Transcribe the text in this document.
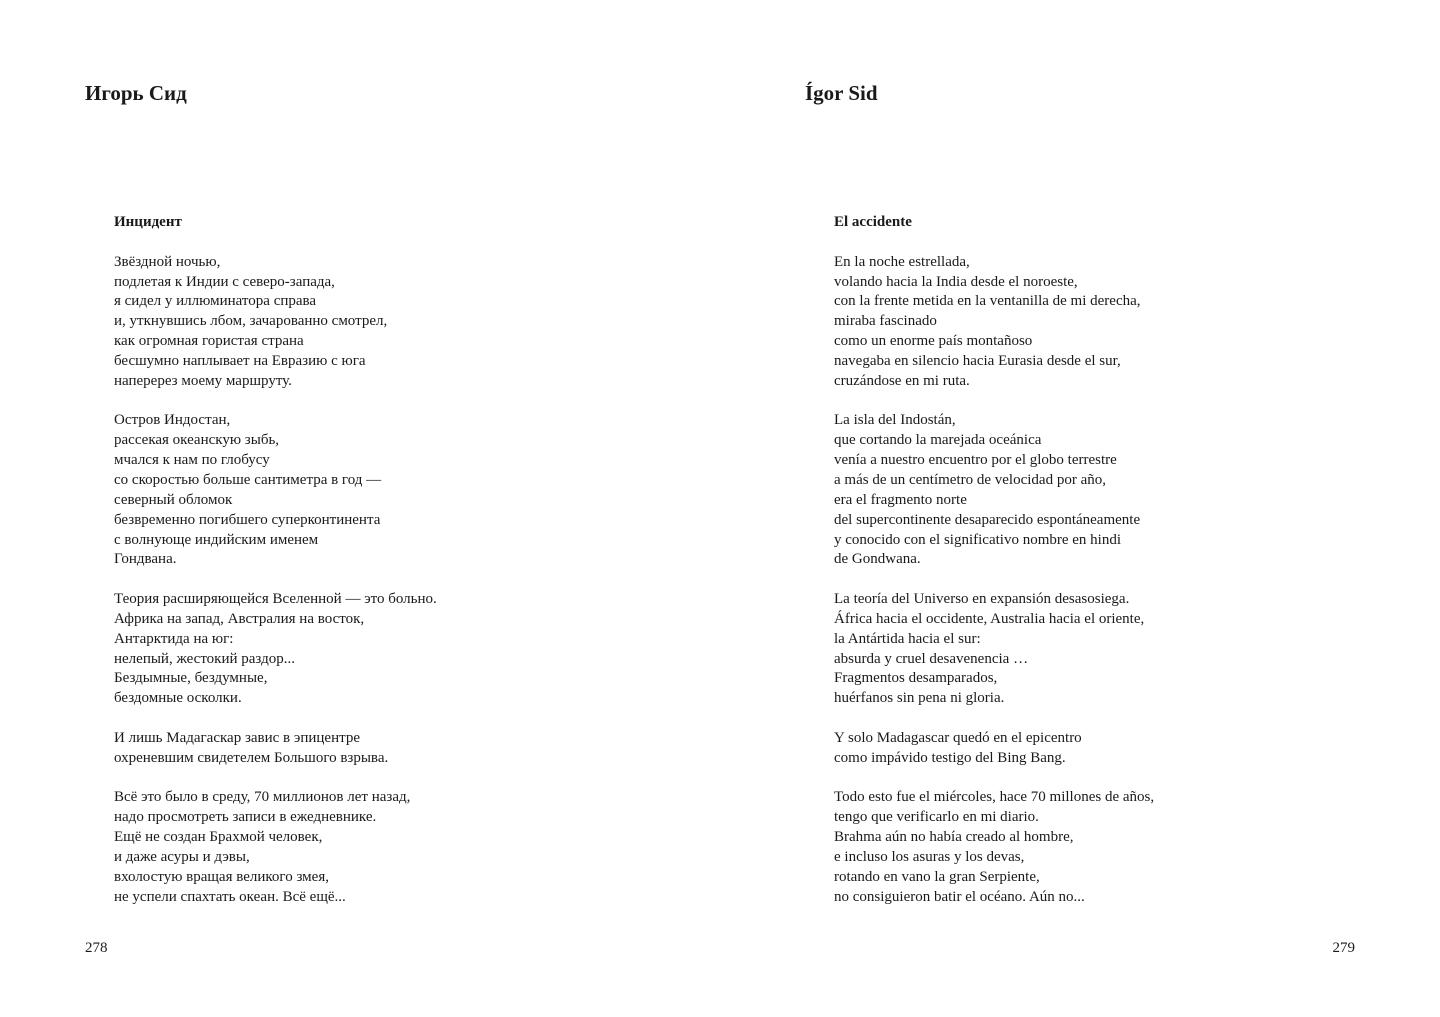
Игорь Сид
Инцидент
Звёздной ночью,
подлетая к Индии с северо-запада,
я сидел у иллюминатора справа
и, уткнувшись лбом, зачарованно смотрел,
как огромная гористая страна
бесшумно наплывает на Евразию с юга
наперерез моему маршруту.
Остров Индостан,
рассекая океанскую зыбь,
мчался к нам по глобусу
со скоростью больше сантиметра в год —
северный обломок
безвременно погибшего суперконтинента
с волнующе индийским именем
Гондвана.
Теория расширяющейся Вселенной — это больно.
Африка на запад, Австралия на восток,
Антарктида на юг:
нелепый, жестокий раздор...
Бездымные, бездумные,
бездомные осколки.
И лишь Мадагаскар завис в эпицентре
охреневшим свидетелем Большого взрыва.
Всё это было в среду, 70 миллионов лет назад,
надо просмотреть записи в ежедневнике.
Ещё не создан Брахмой человек,
и даже асуры и дэвы,
вхолостую вращая великого змея,
не успели спахтать океан. Всё ещё...
278
Ígor Sid
El accidente
En la noche estrellada,
volando hacia la India desde el noroeste,
con la frente metida en la ventanilla de mi derecha,
miraba fascinado
como un enorme país montañoso
navegaba en silencio hacia Eurasia desde el sur,
cruzándose en mi ruta.
La isla del Indostán,
que cortando la marejada oceánica
venía a nuestro encuentro por el globo terrestre
a más de un centímetro de velocidad por año,
era el fragmento norte
del supercontinente desaparecido espontáneamente
y conocido con el significativo nombre en hindi
de Gondwana.
La teoría del Universo en expansión desasosiega.
África hacia el occidente, Australia hacia el oriente,
la Antártida hacia el sur:
absurda y cruel desavenencia …
Fragmentos desamparados,
huérfanos sin pena ni gloria.
Y solo Madagascar quedó en el epicentro
como impávido testigo del Bing Bang.
Todo esto fue el miércoles, hace 70 millones de años,
tengo que verificarlo en mi diario.
Brahma aún no había creado al hombre,
e incluso los asuras y los devas,
rotando en vano la gran Serpiente,
no consiguieron batir el océano. Aún no...
279
